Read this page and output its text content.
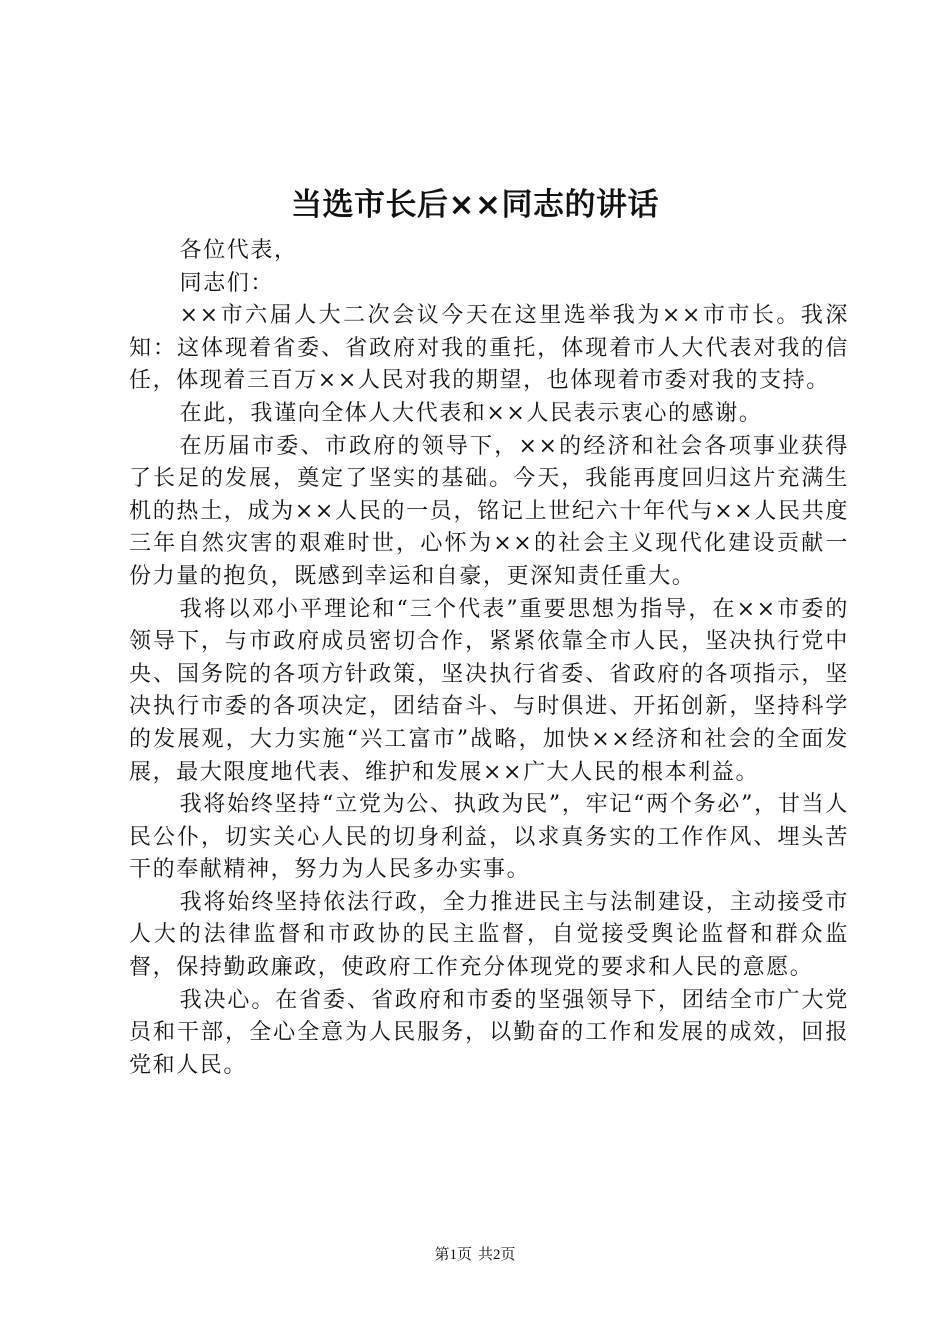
当选市长后××同志的讲话

各位代表，

同志们：

××市六届人大二次会议今天在这里选举我为××市市长。我深知：这体现着省委、省政府对我的重托，体现着市人大代表对我的信任，体现着三百万××人民对我的期望，也体现着市委对我的支持。

在此，我谨向全体人大代表和××人民表示衷心的感谢。

在历届市委、市政府的领导下，××的经济和社会各项事业获得了长足的发展，奠定了坚实的基础。今天，我能再度回归这片充满生机的热土，成为××人民的一员，铭记上世纪六十年代与××人民共度三年自然灾害的艰难时世，心怀为××的社会主义现代化建设贡献一份力量的抱负，既感到幸运和自豪，更深知责任重大。

我将以邓小平理论和“三个代表”重要思想为指导，在××市委的领导下，与市政府成员密切合作，紧紧依靠全市人民，坚决执行党中央、国务院的各项方针政策，坚决执行省委、省政府的各项指示，坚决执行市委的各项决定，团结奋斗、与时俱进、开拓创新，坚持科学的发展观，大力实施“兴工富市”战略，加快××经济和社会的全面发展，最大限度地代表、维护和发展××广大人民的根本利益。

我将始终坚持“立党为公、执政为民”，牢记“两个务必”，甘当人民公仆，切实关心人民的切身利益，以求真务实的工作作风、埋头苦干的奉献精神，努力为人民多办实事。

我将始终坚持依法行政，全力推进民主与法制建设，主动接受市人大的法律监督和市政协的民主监督，自觉接受舆论监督和群众监督，保持勤政廉政，使政府工作充分体现党的要求和人民的意愿。

我决心。在省委、省政府和市委的坚强领导下，团结全市广大党员和干部，全心全意为人民服务，以勤奋的工作和发展的成效，回报党和人民。

第1页 共2页
